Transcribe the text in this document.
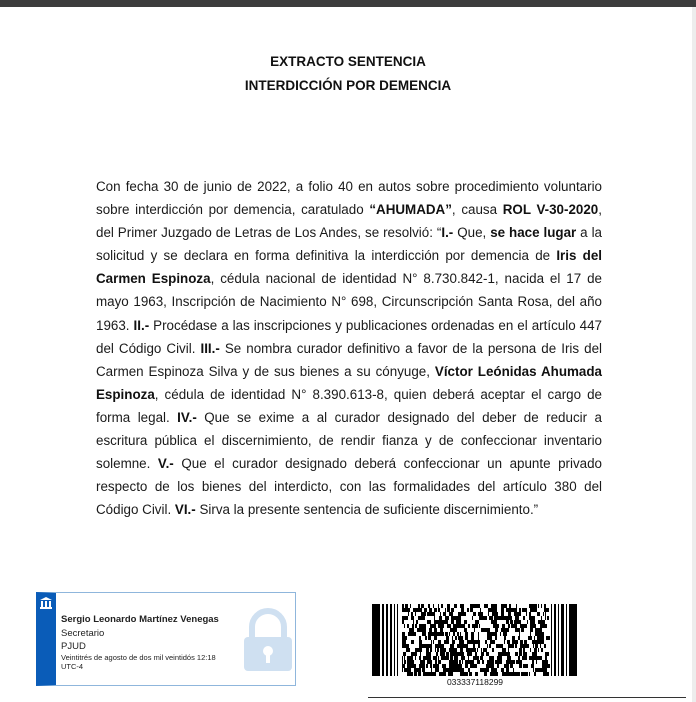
EXTRACTO SENTENCIA
INTERDICCIÓN POR DEMENCIA

Con fecha 30 de junio de 2022, a folio 40 en autos sobre procedimiento voluntario sobre interdicción por demencia, caratulado “AHUMADA”, causa ROL V-30-2020, del Primer Juzgado de Letras de Los Andes, se resolvió: “I.- Que, se hace lugar a la solicitud y se declara en forma definitiva la interdicción por demencia de Iris del Carmen Espinoza, cédula nacional de identidad N° 8.730.842-1, nacida el 17 de mayo 1963, Inscripción de Nacimiento N° 698, Circunscripción Santa Rosa, del año 1963. II.- Procédase a las inscripciones y publicaciones ordenadas en el artículo 447 del Código Civil. III.- Se nombra curador definitivo a favor de la persona de Iris del Carmen Espinoza Silva y de sus bienes a su cónyuge, Víctor Leónidas Ahumada Espinoza, cédula de identidad N° 8.390.613-8, quien deberá aceptar el cargo de forma legal. IV.- Que se exime a al curador designado del deber de reducir a escritura pública el discernimiento, de rendir fianza y de confeccionar inventario solemne. V.- Que el curador designado deberá confeccionar un apunte privado respecto de los bienes del interdicto, con las formalidades del artículo 380 del Código Civil. VI.- Sirva la presente sentencia de suficiente discernimiento.”

Sergio Leonardo Martínez Venegas
Secretario
PJUD
Veintitrés de agosto de dos mil veintidós 12:18 UTC-4
033337118299
